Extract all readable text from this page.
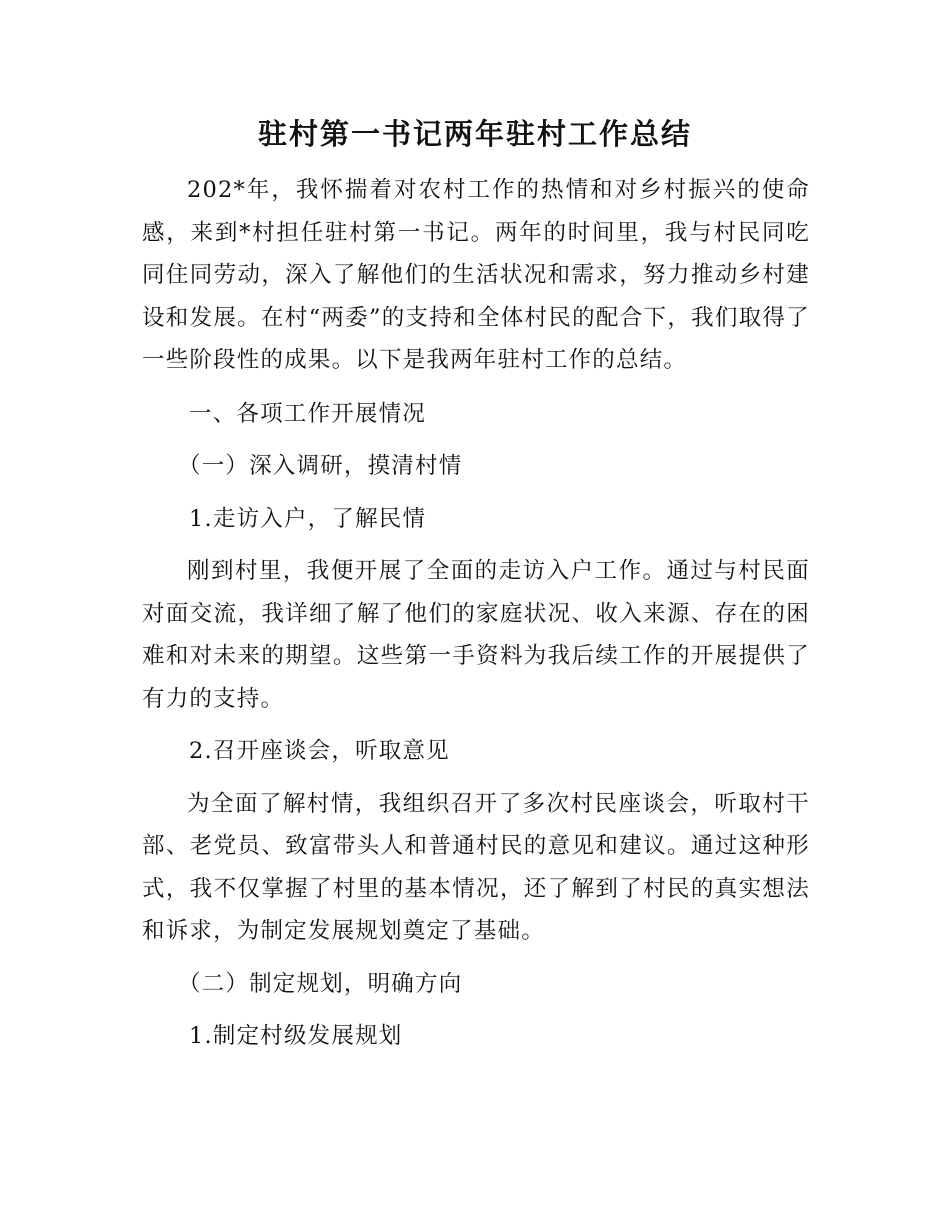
驻村第一书记两年驻村工作总结

202*年，我怀揣着对农村工作的热情和对乡村振兴的使命感，来到*村担任驻村第一书记。两年的时间里，我与村民同吃同住同劳动，深入了解他们的生活状况和需求，努力推动乡村建设和发展。在村“两委”的支持和全体村民的配合下，我们取得了一些阶段性的成果。以下是我两年驻村工作的总结。

一、各项工作开展情况

（一）深入调研，摸清村情

1.走访入户，了解民情

刚到村里，我便开展了全面的走访入户工作。通过与村民面对面交流，我详细了解了他们的家庭状况、收入来源、存在的困难和对未来的期望。这些第一手资料为我后续工作的开展提供了有力的支持。

2.召开座谈会，听取意见

为全面了解村情，我组织召开了多次村民座谈会，听取村干部、老党员、致富带头人和普通村民的意见和建议。通过这种形式，我不仅掌握了村里的基本情况，还了解到了村民的真实想法和诉求，为制定发展规划奠定了基础。

（二）制定规划，明确方向

1.制定村级发展规划
